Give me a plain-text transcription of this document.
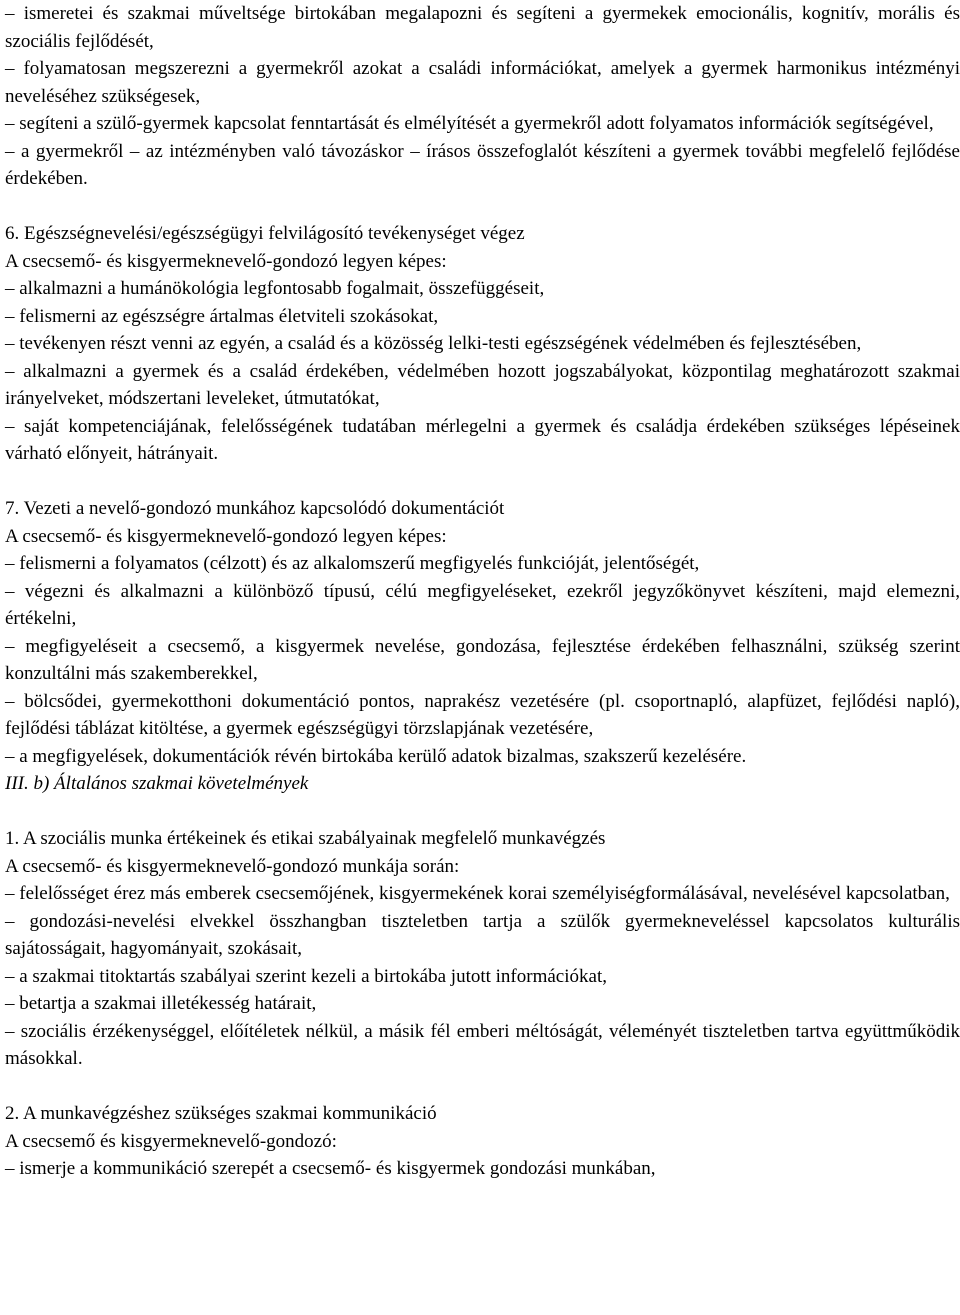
– ismeretei és szakmai műveltsége birtokában megalapozni és segíteni a gyermekek emocionális, kognitív, morális és szociális fejlődését,

– folyamatosan megszerezni a gyermekről azokat a családi információkat, amelyek a gyermek harmonikus intézményi neveléséhez szükségesek,

– segíteni a szülő-gyermek kapcsolat fenntartását és elmélyítését a gyermekről adott folyamatos információk segítségével,

– a gyermekről – az intézményben való távozáskor – írásos összefoglalót készíteni a gyermek további megfelelő fejlődése érdekében.

6. Egészségnevelési/egészségügyi felvilágosító tevékenységet végez

A csecsemő- és kisgyermeknevelő-gondozó legyen képes:

– alkalmazni a humánökológia legfontosabb fogalmait, összefüggéseit,

– felismerni az egészségre ártalmas életviteli szokásokat,

– tevékenyen részt venni az egyén, a család és a közösség lelki-testi egészségének védelmében és fejlesztésében,

– alkalmazni a gyermek és a család érdekében, védelmében hozott jogszabályokat, központilag meghatározott szakmai irányelveket, módszertani leveleket, útmutatókat,

– saját kompetenciájának, felelősségének tudatában mérlegelni a gyermek és családja érdekében szükséges lépéseinek várható előnyeit, hátrányait.

7. Vezeti a nevelő-gondozó munkához kapcsolódó dokumentációt

A csecsemő- és kisgyermeknevelő-gondozó legyen képes:

– felismerni a folyamatos (célzott) és az alkalomszerű megfigyelés funkcióját, jelentőségét,

– végezni és alkalmazni a különböző típusú, célú megfigyeléseket, ezekről jegyzőkönyvet készíteni, majd elemezni, értékelni,

– megfigyeléseit a csecsemő, a kisgyermek nevelése, gondozása, fejlesztése érdekében felhasználni, szükség szerint konzultálni más szakemberekkel,

– bölcsődei, gyermekotthoni dokumentáció pontos, naprakész vezetésére (pl. csoportnapló, alapfüzet, fejlődési napló), fejlődési táblázat kitöltése, a gyermek egészségügyi törzslapjának vezetésére,

– a megfigyelések, dokumentációk révén birtokába kerülő adatok bizalmas, szakszerű kezelésére.

III. b) Általános szakmai követelmények

1. A szociális munka értékeinek és etikai szabályainak megfelelő munkavégzés

A csecsemő- és kisgyermeknevelő-gondozó munkája során:

– felelősséget érez más emberek csecsemőjének, kisgyermekének korai személyiségformálásával, nevelésével kapcsolatban,

– gondozási-nevelési elvekkel összhangban tiszteletben tartja a szülők gyermekneveléssel kapcsolatos kulturális sajátosságait, hagyományait, szokásait,

– a szakmai titoktartás szabályai szerint kezeli a birtokába jutott információkat,

– betartja a szakmai illetékesség határait,

– szociális érzékenységgel, előítéletek nélkül, a másik fél emberi méltóságát, véleményét tiszteletben tartva együttműködik másokkal.

2. A munkavégzéshez szükséges szakmai kommunikáció

A csecsemő és kisgyermeknevelő-gondozó:

– ismerje a kommunikáció szerepét a csecsemő- és kisgyermek gondozási munkában,
